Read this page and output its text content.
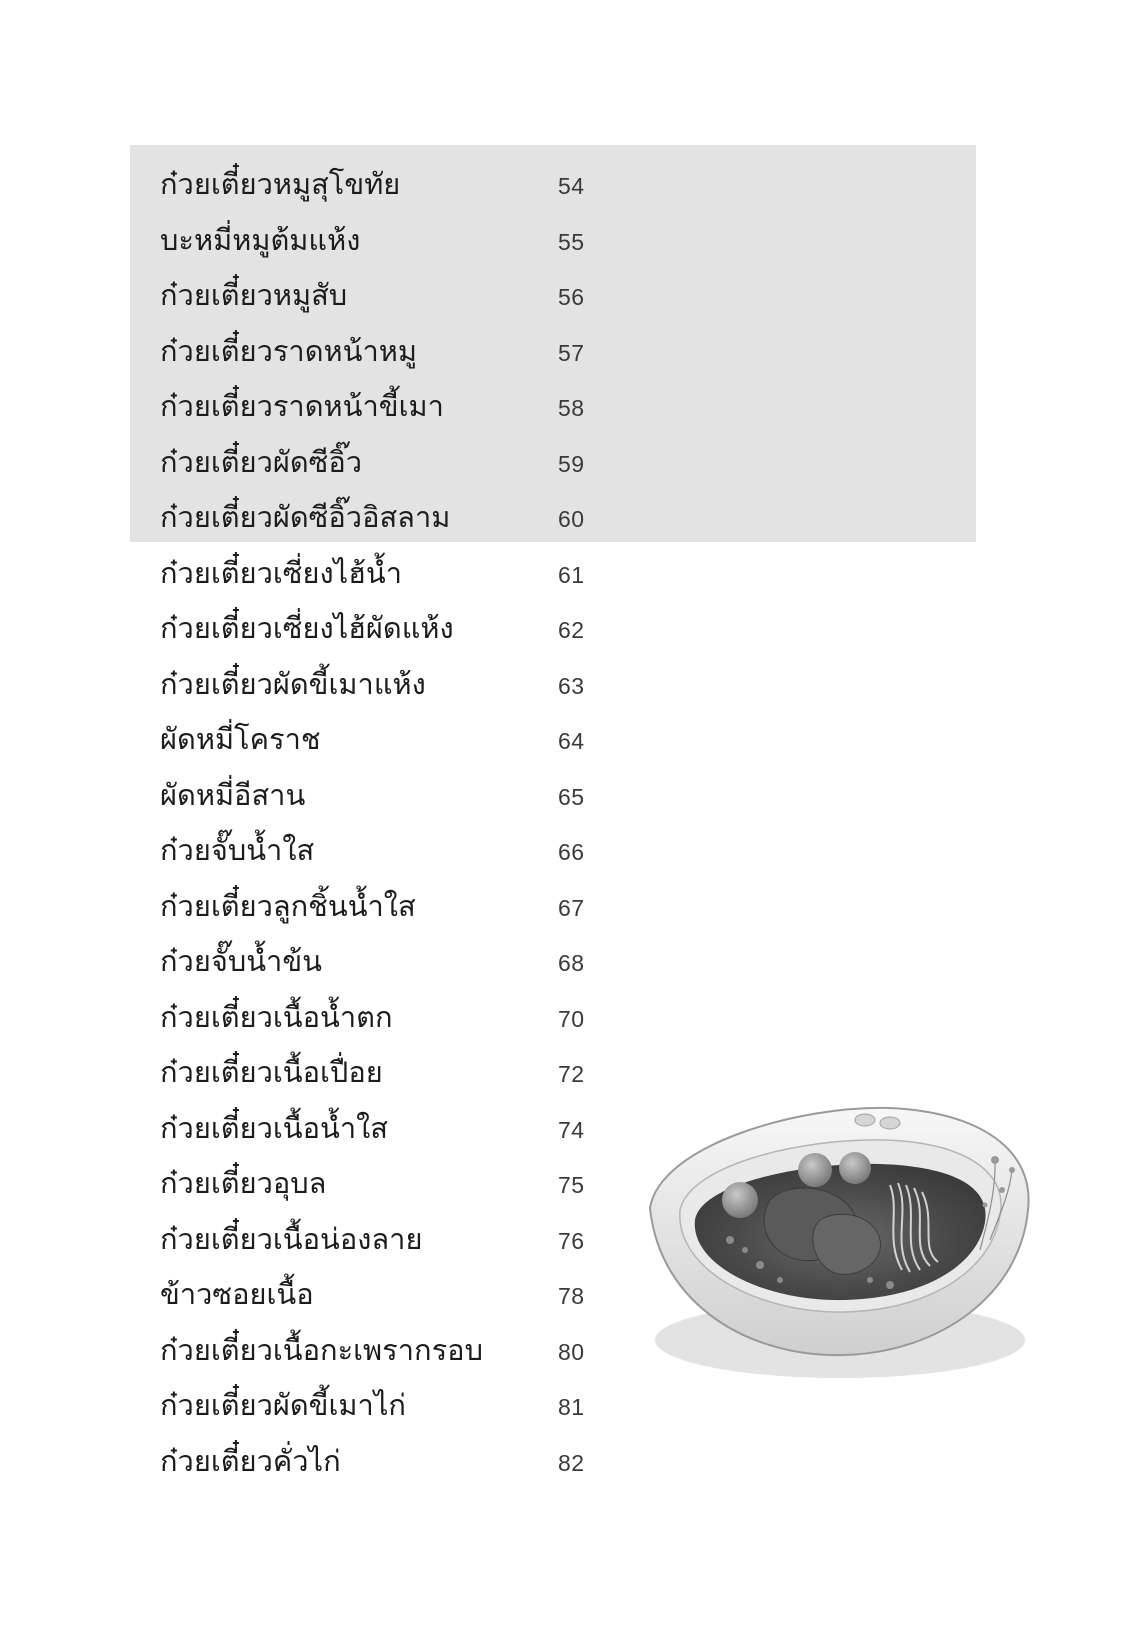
ก๋วยเตี๋ยวหมูสุโขทัย	54
บะหมี่หมูต้มแห้ง	55
ก๋วยเตี๋ยวหมูสับ	56
ก๋วยเตี๋ยวราดหน้าหมู	57
ก๋วยเตี๋ยวราดหน้าขี้เมา	58
ก๋วยเตี๋ยวผัดซีอิ๊ว	59
ก๋วยเตี๋ยวผัดซีอิ๊วอิสลาม	60
ก๋วยเตี๋ยวเซี่ยงไฮ้น้ำ	61
ก๋วยเตี๋ยวเซี่ยงไฮ้ผัดแห้ง	62
ก๋วยเตี๋ยวผัดขี้เมาแห้ง	63
ผัดหมี่โคราช	64
ผัดหมี่อีสาน	65
ก๋วยจั๊บน้ำใส	66
ก๋วยเตี๋ยวลูกชิ้นน้ำใส	67
ก๋วยจั๊บน้ำข้น	68
ก๋วยเตี๋ยวเนื้อน้ำตก	70
ก๋วยเตี๋ยวเนื้อเปื่อย	72
ก๋วยเตี๋ยวเนื้อน้ำใส	74
ก๋วยเตี๋ยวอุบล	75
ก๋วยเตี๋ยวเนื้อน่องลาย	76
ข้าวซอยเนื้อ	78
ก๋วยเตี๋ยวเนื้อกะเพรากรอบ	80
ก๋วยเตี๋ยวผัดขี้เมาไก่	81
ก๋วยเตี๋ยวคั่วไก่	82
